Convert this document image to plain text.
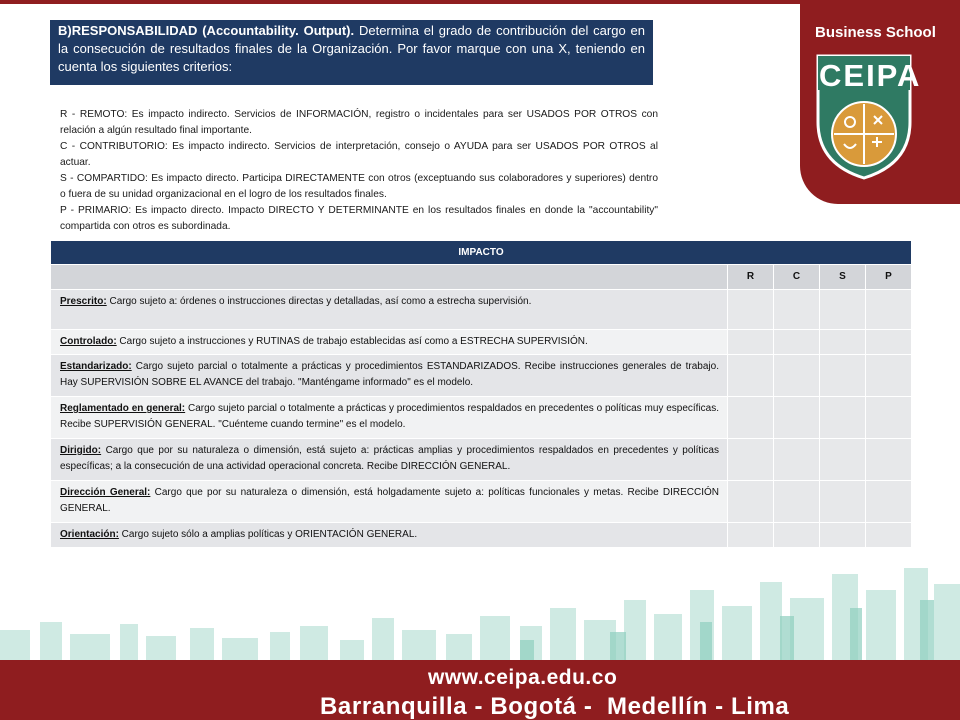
B)RESPONSABILIDAD (Accountability. Output). Determina el grado de contribución del cargo en la consecución de resultados finales de la Organización. Por favor marque con una X, teniendo en cuenta los siguientes criterios:
Business School
CEIPA

R - REMOTO: Es impacto indirecto. Servicios de INFORMACIÓN, registro o incidentales para ser USADOS POR OTROS con relación a algún resultado final importante.

C - CONTRIBUTORIO: Es impacto indirecto. Servicios de interpretación, consejo o AYUDA para ser USADOS POR OTROS al actuar.

S - COMPARTIDO: Es impacto directo. Participa DIRECTAMENTE con otros (exceptuando sus colaboradores y superiores) dentro o fuera de su unidad organizacional en el logro de los resultados finales.

P - PRIMARIO: Es impacto directo. Impacto DIRECTO Y DETERMINANTE en los resultados finales en donde la "accountability" compartida con otros es subordinada.

IMPACTO				
	R	C	S	P
Prescrito: Cargo sujeto a: órdenes o instrucciones directas y detalladas, así como a estrecha supervisión.				
Controlado: Cargo sujeto a instrucciones y RUTINAS de trabajo establecidas así como a ESTRECHA SUPERVISIÓN.				
Estandarizado: Cargo sujeto parcial o totalmente a prácticas y procedimientos ESTANDARIZADOS. Recibe instrucciones generales de trabajo. Hay SUPERVISIÓN SOBRE EL AVANCE del trabajo. "Manténgame informado" es el modelo.				
Reglamentado en general: Cargo sujeto parcial o totalmente a prácticas y procedimientos respaldados en precedentes o políticas muy específicas. Recibe SUPERVISIÓN GENERAL. "Cuénteme cuando termine" es el modelo.				
Dirigido: Cargo que por su naturaleza o dimensión, está sujeto a: prácticas amplias y procedimientos respaldados en precedentes y políticas específicas; a la consecución de una actividad operacional concreta. Recibe DIRECCIÓN GENERAL.				
Dirección General: Cargo que por su naturaleza o dimensión, está holgadamente sujeto a: políticas funcionales y metas. Recibe DIRECCIÓN GENERAL.				
Orientación: Cargo sujeto sólo a amplias políticas y ORIENTACIÓN GENERAL.				
www.ceipa.edu.co
Barranquilla - Bogotá -  Medellín - Lima
